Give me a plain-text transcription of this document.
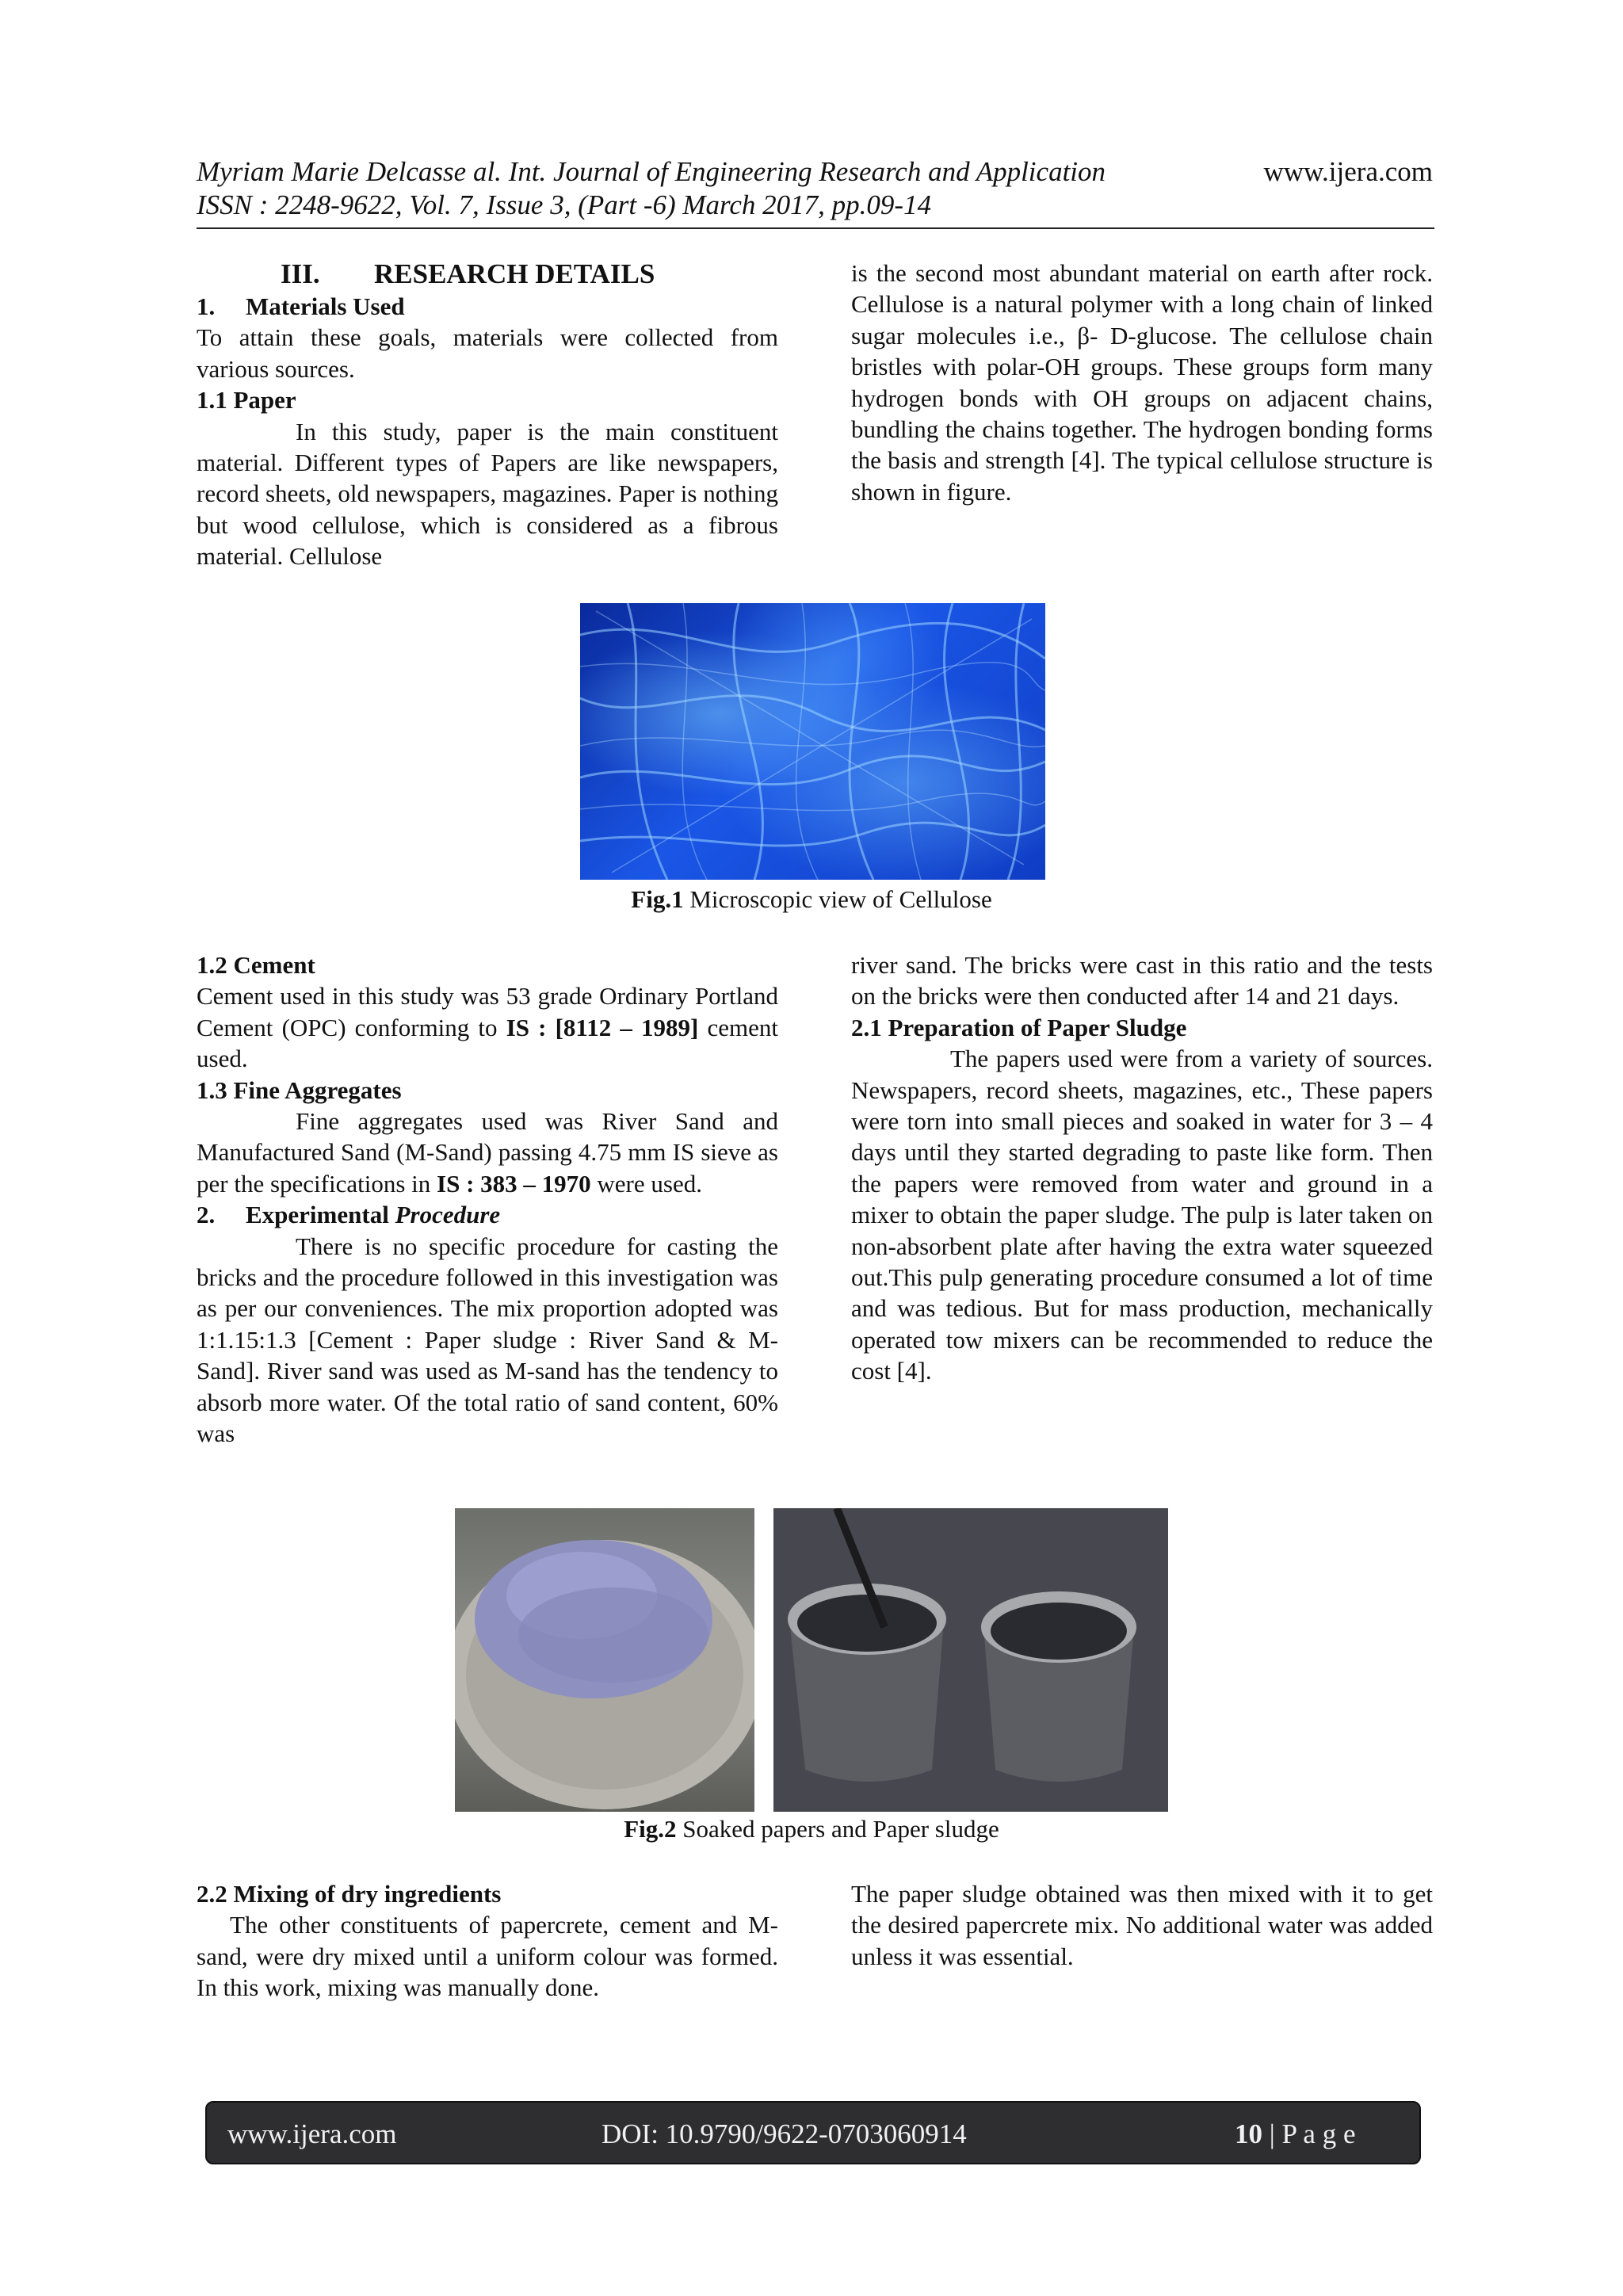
Myriam Marie Delcasse al. Int. Journal of Engineering Research and Application	www.ijera.com
ISSN : 2248-9622, Vol. 7, Issue 3, (Part -6) March 2017, pp.09-14

III. RESEARCH DETAILS

1. Materials Used

To attain these goals, materials were collected from various sources.

1.1 Paper

In this study, paper is the main constituent material. Different types of Papers are like newspapers, record sheets, old newspapers, magazines. Paper is nothing but wood cellulose, which is considered as a fibrous material. Cellulose

is the second most abundant material on earth after rock. Cellulose is a natural polymer with a long chain of linked sugar molecules i.e., β- D-glucose. The cellulose chain bristles with polar-OH groups. These groups form many hydrogen bonds with OH groups on adjacent chains, bundling the chains together. The hydrogen bonding forms the basis and strength [4]. The typical cellulose structure is shown in figure.

Fig.1 Microscopic view of Cellulose

1.2 Cement

Cement used in this study was 53 grade Ordinary Portland Cement (OPC) conforming to IS : [8112 – 1989] cement used.

1.3 Fine Aggregates

Fine aggregates used was River Sand and Manufactured Sand (M-Sand) passing 4.75 mm IS sieve as per the specifications in IS : 383 – 1970 were used.

2. Experimental Procedure

There is no specific procedure for casting the bricks and the procedure followed in this investigation was as per our conveniences. The mix proportion adopted was 1:1.15:1.3 [Cement : Paper sludge : River Sand & M-Sand]. River sand was used as M-sand has the tendency to absorb more water. Of the total ratio of sand content, 60% was

river sand. The bricks were cast in this ratio and the tests on the bricks were then conducted after 14 and 21 days.

2.1 Preparation of Paper Sludge

The papers used were from a variety of sources. Newspapers, record sheets, magazines, etc., These papers were torn into small pieces and soaked in water for 3 – 4 days until they started degrading to paste like form. Then the papers were removed from water and ground in a mixer to obtain the paper sludge. The pulp is later taken on non-absorbent plate after having the extra water squeezed out.This pulp generating procedure consumed a lot of time and was tedious. But for mass production, mechanically operated tow mixers can be recommended to reduce the cost [4].

Fig.2 Soaked papers and Paper sludge

2.2 Mixing of dry ingredients

The other constituents of papercrete, cement and M-sand, were dry mixed until a uniform colour was formed. In this work, mixing was manually done.

The paper sludge obtained was then mixed with it to get the desired papercrete mix. No additional water was added unless it was essential.

www.ijera.com	DOI: 10.9790/9622-0703060914	10 | P a g e
